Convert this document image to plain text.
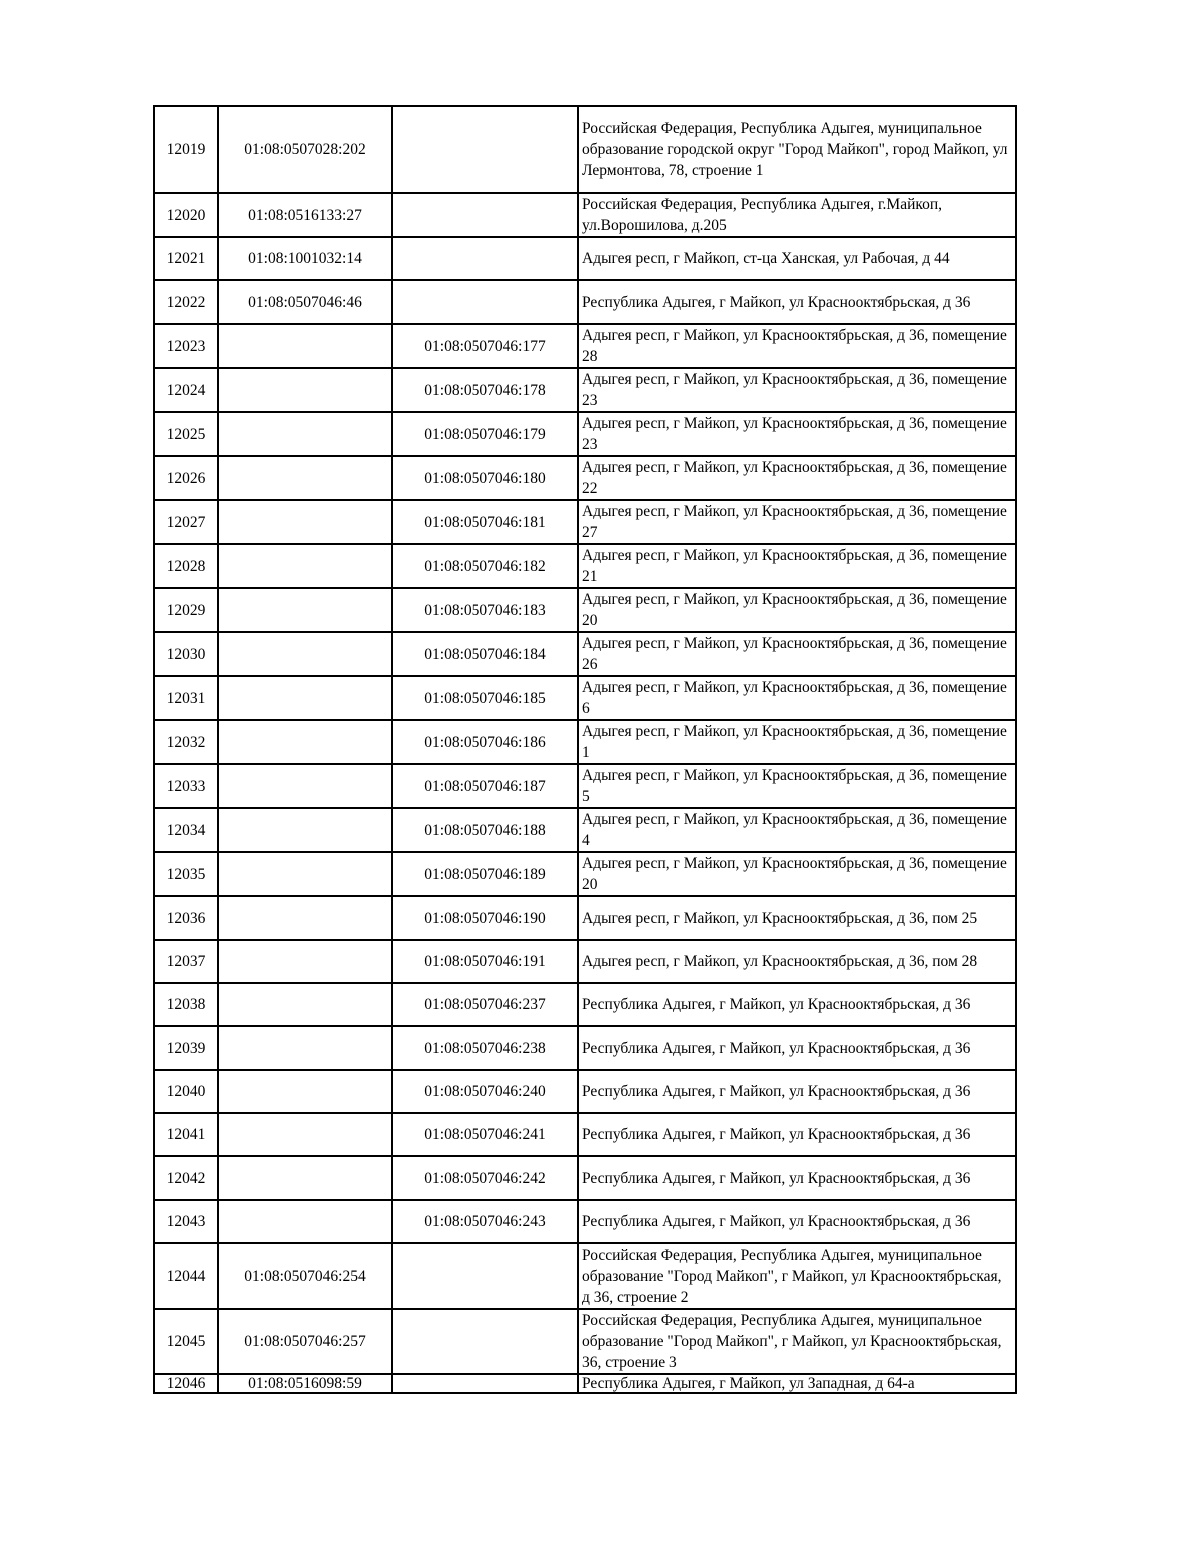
12019	01:08:0507028:202		Российская Федерация, Республика Адыгея, муниципальное образование городской округ "Город Майкоп", город Майкоп, ул Лермонтова, 78, строение 1
12020	01:08:0516133:27		Российская Федерация, Республика Адыгея, г.Майкоп, ул.Ворошилова, д.205
12021	01:08:1001032:14		Адыгея респ, г Майкоп, ст-ца Ханская, ул Рабочая, д 44
12022	01:08:0507046:46		Республика Адыгея, г Майкоп, ул Краснооктябрьская, д 36
12023		01:08:0507046:177	Адыгея респ, г Майкоп, ул Краснооктябрьская, д 36, помещение 28
12024		01:08:0507046:178	Адыгея респ, г Майкоп, ул Краснооктябрьская, д 36, помещение 23
12025		01:08:0507046:179	Адыгея респ, г Майкоп, ул Краснооктябрьская, д 36, помещение 23
12026		01:08:0507046:180	Адыгея респ, г Майкоп, ул Краснооктябрьская, д 36, помещение 22
12027		01:08:0507046:181	Адыгея респ, г Майкоп, ул Краснооктябрьская, д 36, помещение 27
12028		01:08:0507046:182	Адыгея респ, г Майкоп, ул Краснооктябрьская, д 36, помещение 21
12029		01:08:0507046:183	Адыгея респ, г Майкоп, ул Краснооктябрьская, д 36, помещение 20
12030		01:08:0507046:184	Адыгея респ, г Майкоп, ул Краснооктябрьская, д 36, помещение 26
12031		01:08:0507046:185	Адыгея респ, г Майкоп, ул Краснооктябрьская, д 36, помещение 6
12032		01:08:0507046:186	Адыгея респ, г Майкоп, ул Краснооктябрьская, д 36, помещение 1
12033		01:08:0507046:187	Адыгея респ, г Майкоп, ул Краснооктябрьская, д 36, помещение 5
12034		01:08:0507046:188	Адыгея респ, г Майкоп, ул Краснооктябрьская, д 36, помещение 4
12035		01:08:0507046:189	Адыгея респ, г Майкоп, ул Краснооктябрьская, д 36, помещение 20
12036		01:08:0507046:190	Адыгея респ, г Майкоп, ул Краснооктябрьская, д 36, пом 25
12037		01:08:0507046:191	Адыгея респ, г Майкоп, ул Краснооктябрьская, д 36, пом 28
12038		01:08:0507046:237	Республика Адыгея, г Майкоп, ул Краснооктябрьская, д 36
12039		01:08:0507046:238	Республика Адыгея, г Майкоп, ул Краснооктябрьская, д 36
12040		01:08:0507046:240	Республика Адыгея, г Майкоп, ул Краснооктябрьская, д 36
12041		01:08:0507046:241	Республика Адыгея, г Майкоп, ул Краснооктябрьская, д 36
12042		01:08:0507046:242	Республика Адыгея, г Майкоп, ул Краснооктябрьская, д 36
12043		01:08:0507046:243	Республика Адыгея, г Майкоп, ул Краснооктябрьская, д 36
12044	01:08:0507046:254		Российская Федерация, Республика Адыгея, муниципальное образование "Город Майкоп", г Майкоп, ул Краснооктябрьская, д 36, строение 2
12045	01:08:0507046:257		Российская Федерация, Республика Адыгея, муниципальное образование "Город Майкоп", г Майкоп, ул Краснооктябрьская, 36, строение 3
12046	01:08:0516098:59		Республика Адыгея, г Майкоп, ул Западная, д 64-а
